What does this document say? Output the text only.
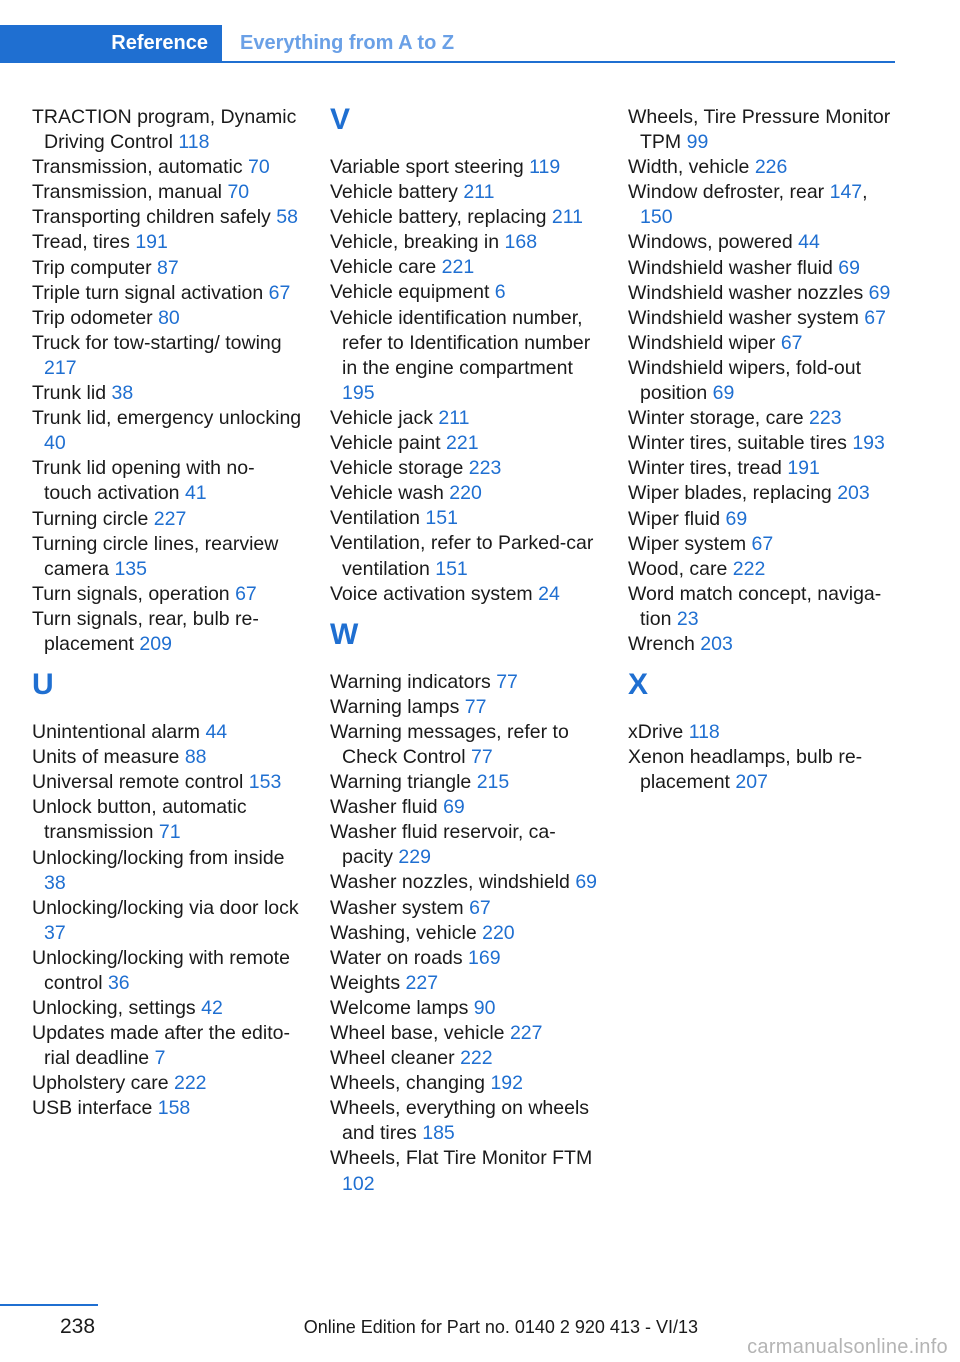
Reference	Everything from A to Z
TRACTION program, Dynamic Driving Control 118
Transmission, automatic 70
Transmission, manual 70
Transporting children safely 58
Tread, tires 191
Trip computer 87
Triple turn signal activation 67
Trip odometer 80
Truck for tow-starting/ towing 217
Trunk lid 38
Trunk lid, emergency unlocking 40
Trunk lid opening with no-touch activation 41
Turning circle 227
Turning circle lines, rearview camera 135
Turn signals, operation 67
Turn signals, rear, bulb replacement 209
U
Unintentional alarm 44
Units of measure 88
Universal remote control 153
Unlock button, automatic transmission 71
Unlocking/locking from inside 38
Unlocking/locking via door lock 37
Unlocking/locking with remote control 36
Unlocking, settings 42
Updates made after the editorial deadline 7
Upholstery care 222
USB interface 158
V
Variable sport steering 119
Vehicle battery 211
Vehicle battery, replacing 211
Vehicle, breaking in 168
Vehicle care 221
Vehicle equipment 6
Vehicle identification number, refer to Identification number in the engine compartment 195
Vehicle jack 211
Vehicle paint 221
Vehicle storage 223
Vehicle wash 220
Ventilation 151
Ventilation, refer to Parked-car ventilation 151
Voice activation system 24
W
Warning indicators 77
Warning lamps 77
Warning messages, refer to Check Control 77
Warning triangle 215
Washer fluid 69
Washer fluid reservoir, capacity 229
Washer nozzles, windshield 69
Washer system 67
Washing, vehicle 220
Water on roads 169
Weights 227
Welcome lamps 90
Wheel base, vehicle 227
Wheel cleaner 222
Wheels, changing 192
Wheels, everything on wheels and tires 185
Wheels, Flat Tire Monitor FTM 102
Wheels, Tire Pressure Monitor TPM 99
Width, vehicle 226
Window defroster, rear 147, 150
Windows, powered 44
Windshield washer fluid 69
Windshield washer nozzles 69
Windshield washer system 67
Windshield wiper 67
Windshield wipers, fold-out position 69
Winter storage, care 223
Winter tires, suitable tires 193
Winter tires, tread 191
Wiper blades, replacing 203
Wiper fluid 69
Wiper system 67
Wood, care 222
Word match concept, navigation 23
Wrench 203
X
xDrive 118
Xenon headlamps, bulb replacement 207
238	Online Edition for Part no. 0140 2 920 413 - VI/13
carmanualsonline.info
